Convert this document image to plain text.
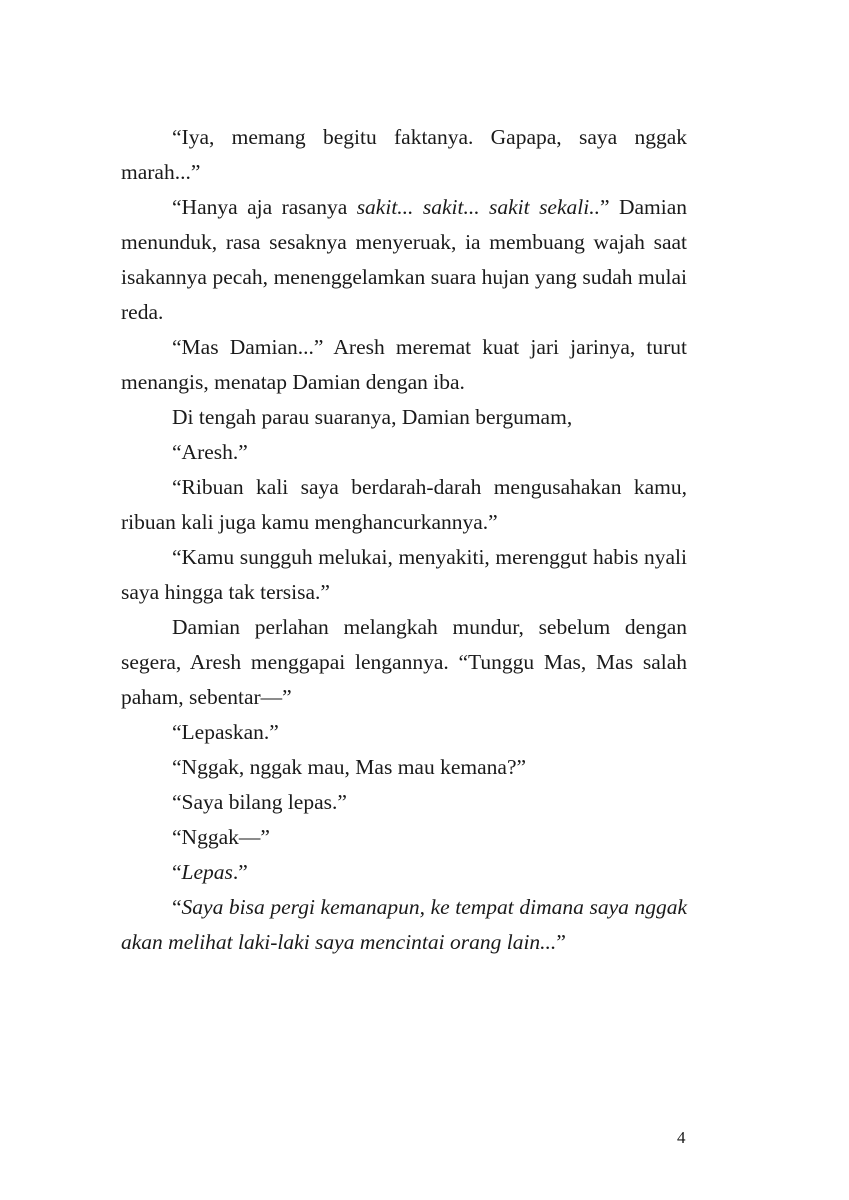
“Iya, memang begitu faktanya. Gapapa, saya nggak marah...”

“Hanya aja rasanya sakit... sakit... sakit sekali..” Damian menunduk, rasa sesaknya menyeruak, ia membuang wajah saat isakannya pecah, menenggelamkan suara hujan yang sudah mulai reda.

“Mas Damian...” Aresh meremat kuat jari jarinya, turut menangis, menatap Damian dengan iba.

Di tengah parau suaranya, Damian bergumam,

“Aresh.”

“Ribuan kali saya berdarah-darah mengusahakan kamu, ribuan kali juga kamu menghancurkannya.”

“Kamu sungguh melukai, menyakiti, merenggut habis nyali saya hingga tak tersisa.”

Damian perlahan melangkah mundur, sebelum dengan segera, Aresh menggapai lengannya. “Tunggu Mas, Mas salah paham, sebentar—”

“Lepaskan.”

“Nggak, nggak mau, Mas mau kemana?”

“Saya bilang lepas.”

“Nggak—”

“Lepas.”

“Saya bisa pergi kemanapun, ke tempat dimana saya nggak akan melihat laki-laki saya mencintai orang lain...”

4
